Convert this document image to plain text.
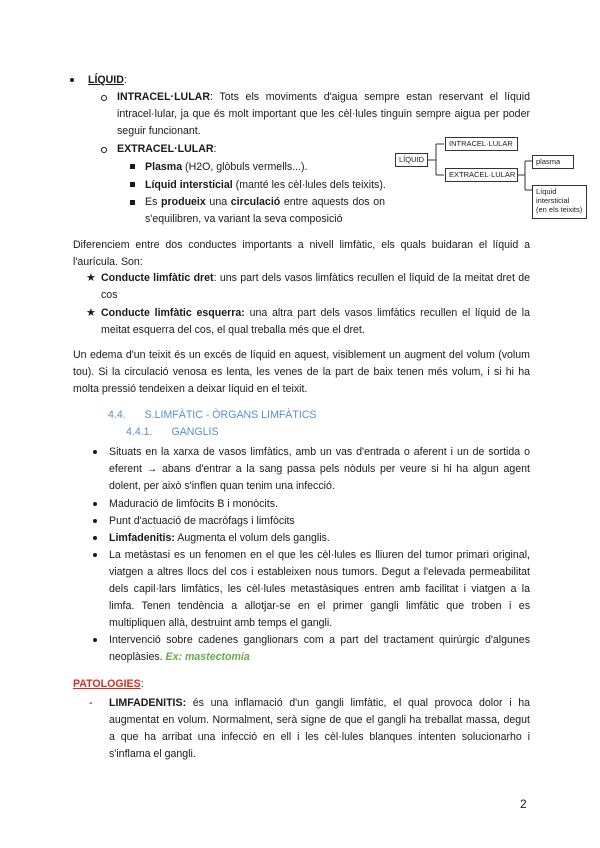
LÍQUID:
INTRACEL·LULAR: Tots els moviments d'aigua sempre estan reservant el líquid
intracel·lular, ja que és molt important que les cèl·lules tinguin sempre aigua per poder
seguir funcionant.
EXTRACEL·LULAR:
Plasma (H2O, glòbuls vermells...).
Líquid intersticial (manté les cèl·lules dels teixits).
Es produeix una circulació entre aquests dos on
s'equilibren, va variant la seva composició
LÍQUID
INTRACEL·LULAR
EXTRACEL·LULAR
plasma
Líquid
intersticial
(en els teixits)
Diferenciem entre dos conductes importants a nivell limfàtic, els quals buidaran el líquid a
l'aurícula. Son:
★ Conducte limfàtic dret: uns part dels vasos limfàtics recullen el líquid de la meitat dret de
cos
★ Conducte limfàtic esquerra: una altra part dels vasos limfàtics recullen el líquid de la
meitat esquerra del cos, el qual treballa més que el dret.
Un edema d'un teixit és un excés de líquid en aquest, visiblement un augment del volum (volum
tou). Si la circulació venosa es lenta, les venes de la part de baix tenen més volum, i si hi ha
molta pressió tendeixen a deixar líquid en el teixit.
4.4. S.LIMFÀTIC - ÒRGANS LIMFÀTICS
4.4.1. GANGLIS
Situats en la xarxa de vasos limfàtics, amb un vas d'entrada o aferent i un de sortida o
eferent → abans d'entrar a la sang passa pels nòduls per veure si hi ha algun agent
dolent, per això s'inflen quan tenim una infecció.
Maduració de limfòcits B i monòcits.
Punt d'actuació de macròfags i limfòcits
Limfadenitis: Augmenta el volum dels ganglis.
La metàstasi es un fenomen en el que les cèl·lules es lliuren del tumor primari original,
viatgen a altres llocs del cos i estableixen nous tumors. Degut a l'elevada permeabilitat
dels capil·lars limfàtics, les cèl·lules metastàsiques entren amb facilitat i viatgen a la
limfa. Tenen tendència a allotjar-se en el primer gangli limfàtic que troben i es
multipliquen allà, destruint amb temps el gangli.
Intervenció sobre cadenes ganglionars com a part del tractament quirúrgic d'algunes
neoplàsies. Ex: mastectomia
PATOLOGIES:
- LIMFADENITIS: és una inflamació d'un gangli limfàtic, el qual provoca dolor i ha
augmentat en volum. Normalment, serà signe de que el gangli ha treballat massa, degut
a que ha arribat una infecció en ell i les cèl·lules blanques intenten solucionarho i
s'inflama el gangli.
2
